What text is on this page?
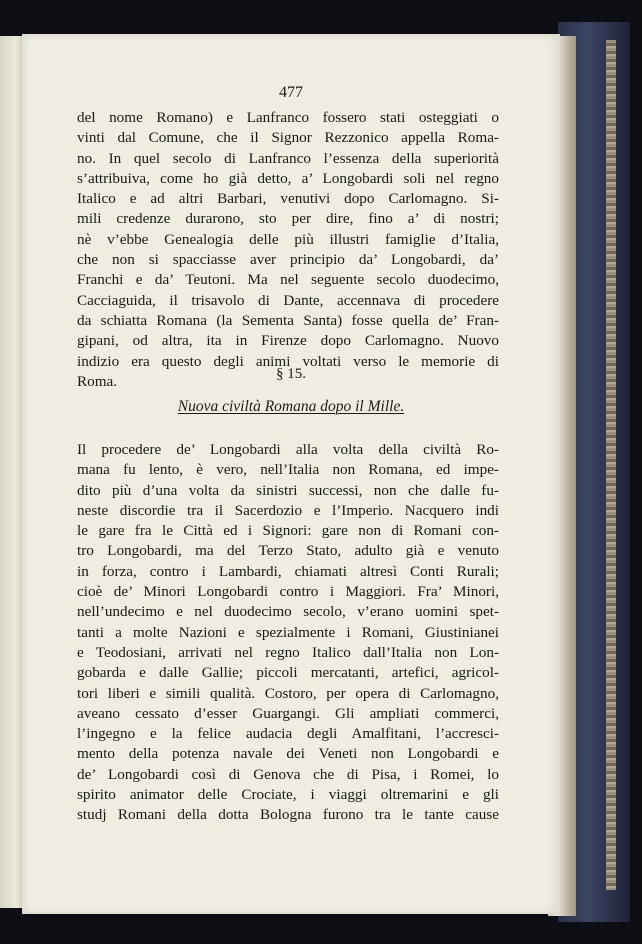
477
del nome Romano) e Lanfranco fossero stati osteggiati o
vinti dal Comune, che il Signor Rezzonico appella Roma-
no. In quel secolo di Lanfranco l’essenza della superiorità
s’attribuiva, come ho già detto, a’ Longobardi soli nel regno
Italico e ad altri Barbari, venutivi dopo Carlomagno. Si-
mili credenze durarono, sto per dire, fino a’ di nostri;
nè v’ebbe Genealogia delle più illustri famiglie d’Italia,
che non si spacciasse aver principio da’ Longobardi, da’
Franchi e da’ Teutoni. Ma nel seguente secolo duodecimo,
Cacciaguida, il trisavolo di Dante, accennava di procedere
da schiatta Romana (la Sementa Santa) fosse quella de’ Fran-
gipani, od altra, ita in Firenze dopo Carlomagno. Nuovo
indizio era questo degli animi voltati verso le memorie di
Roma.	§ 15.
Nuova civiltà Romana dopo il Mille.
Il procedere de’ Longobardi alla volta della civiltà Ro-
mana fu lento, è vero, nell’Italia non Romana, ed impe-
dito più d’una volta da sinistri successi, non che dalle fu-
neste discordie tra il Sacerdozio e l’Imperio. Nacquero indi
le gare fra le Città ed i Signori: gare non di Romani con-
tro Longobardi, ma del Terzo Stato, adulto già e venuto
in forza, contro i Lambardi, chiamati altresì Conti Rurali;
cioè de’ Minori Longobardi contro i Maggiori. Fra’ Minori,
nell’undecimo e nel duodecimo secolo, v’erano uomini spet-
tanti a molte Nazioni e spezialmente i Romani, Giustinianei
e Teodosiani, arrivati nel regno Italico dall’Italia non Lon-
gobarda e dalle Gallie; piccoli mercatanti, artefici, agricol-
tori liberi e simili qualità. Costoro, per opera di Carlomagno,
aveano cessato d’esser Guargangi. Gli ampliati commerci,
l’ingegno e la felice audacia degli Amalfitani, l’accresci-
mento della potenza navale dei Veneti non Longobardi e
de’ Longobardi così di Genova che di Pisa, i Romei, lo
spirito animator delle Crociate, i viaggi oltremarini e gli
studj Romani della dotta Bologna furono tra le tante cause
